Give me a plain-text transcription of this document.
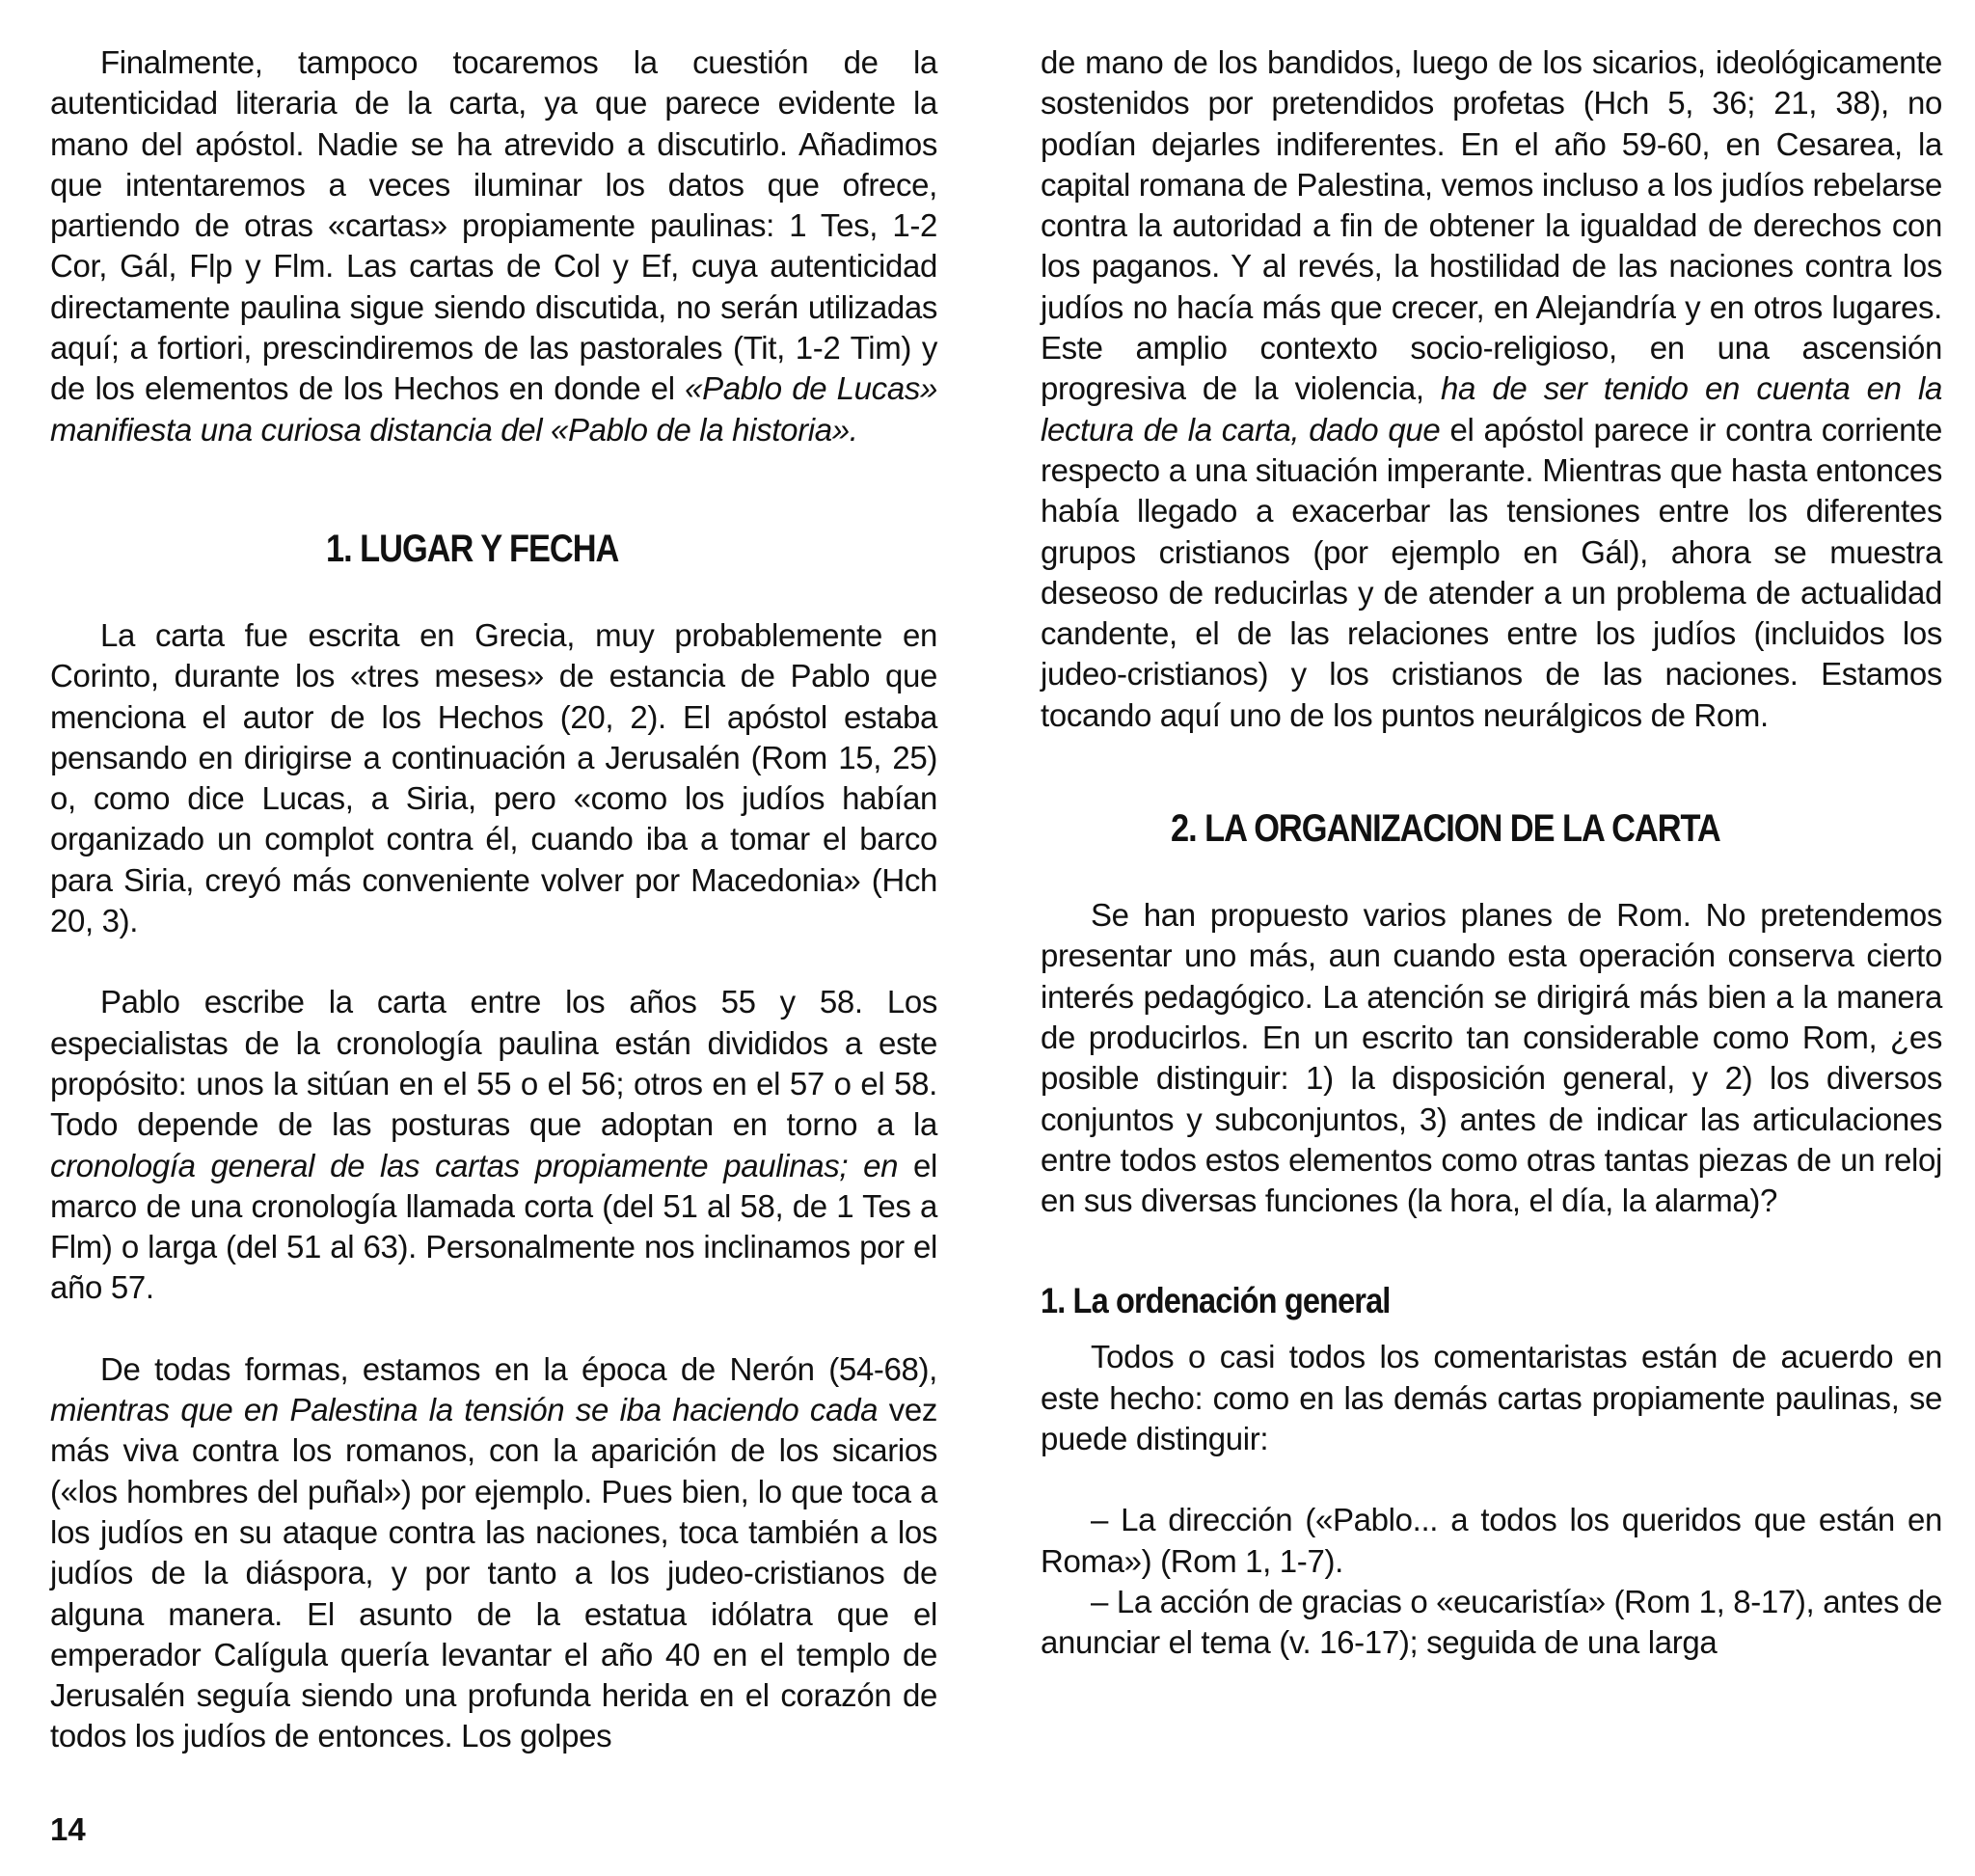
Finalmente, tampoco tocaremos la cuestión de la autenticidad literaria de la carta, ya que parece evidente la mano del apóstol. Nadie se ha atrevido a discutirlo. Añadimos que intentaremos a veces iluminar los datos que ofrece, partiendo de otras «cartas» propiamente paulinas: 1 Tes, 1-2 Cor, Gál, Flp y Flm. Las cartas de Col y Ef, cuya autenticidad directamente paulina sigue siendo discutida, no serán utilizadas aquí; a fortiori, prescindiremos de las pastorales (Tit, 1-2 Tim) y de los elementos de los Hechos en donde el «Pablo de Lucas» manifiesta una curiosa distancia del «Pablo de la historia».

1. LUGAR Y FECHA

La carta fue escrita en Grecia, muy probablemente en Corinto, durante los «tres meses» de estancia de Pablo que menciona el autor de los Hechos (20, 2). El apóstol estaba pensando en dirigirse a continuación a Jerusalén (Rom 15, 25) o, como dice Lucas, a Siria, pero «como los judíos habían organizado un complot contra él, cuando iba a tomar el barco para Siria, creyó más conveniente volver por Macedonia» (Hch 20, 3).

Pablo escribe la carta entre los años 55 y 58. Los especialistas de la cronología paulina están divididos a este propósito: unos la sitúan en el 55 o el 56; otros en el 57 o el 58. Todo depende de las posturas que adoptan en torno a la cronología general de las cartas propiamente paulinas; en el marco de una cronología llamada corta (del 51 al 58, de 1 Tes a Flm) o larga (del 51 al 63). Personalmente nos inclinamos por el año 57.

De todas formas, estamos en la época de Nerón (54-68), mientras que en Palestina la tensión se iba haciendo cada vez más viva contra los romanos, con la aparición de los sicarios («los hombres del puñal») por ejemplo. Pues bien, lo que toca a los judíos en su ataque contra las naciones, toca también a los judíos de la diáspora, y por tanto a los judeo-cristianos de alguna manera. El asunto de la estatua idólatra que el emperador Calígula quería levantar el año 40 en el templo de Jerusalén seguía siendo una profunda herida en el corazón de todos los judíos de entonces. Los golpes

de mano de los bandidos, luego de los sicarios, ideológicamente sostenidos por pretendidos profetas (Hch 5, 36; 21, 38), no podían dejarles indiferentes. En el año 59-60, en Cesarea, la capital romana de Palestina, vemos incluso a los judíos rebelarse contra la autoridad a fin de obtener la igualdad de derechos con los paganos. Y al revés, la hostilidad de las naciones contra los judíos no hacía más que crecer, en Alejandría y en otros lugares. Este amplio contexto socio-religioso, en una ascensión progresiva de la violencia, ha de ser tenido en cuenta en la lectura de la carta, dado que el apóstol parece ir contra corriente respecto a una situación imperante. Mientras que hasta entonces había llegado a exacerbar las tensiones entre los diferentes grupos cristianos (por ejemplo en Gál), ahora se muestra deseoso de reducirlas y de atender a un problema de actualidad candente, el de las relaciones entre los judíos (incluidos los judeo-cristianos) y los cristianos de las naciones. Estamos tocando aquí uno de los puntos neurálgicos de Rom.

2. LA ORGANIZACION DE LA CARTA

Se han propuesto varios planes de Rom. No pretendemos presentar uno más, aun cuando esta operación conserva cierto interés pedagógico. La atención se dirigirá más bien a la manera de producirlos. En un escrito tan considerable como Rom, ¿es posible distinguir: 1) la disposición general, y 2) los diversos conjuntos y subconjuntos, 3) antes de indicar las articulaciones entre todos estos elementos como otras tantas piezas de un reloj en sus diversas funciones (la hora, el día, la alarma)?

1. La ordenación general

Todos o casi todos los comentaristas están de acuerdo en este hecho: como en las demás cartas propiamente paulinas, se puede distinguir:

– La dirección («Pablo... a todos los queridos que están en Roma») (Rom 1, 1-7).

– La acción de gracias o «eucaristía» (Rom 1, 8-17), antes de anunciar el tema (v. 16-17); seguida de una larga

14
